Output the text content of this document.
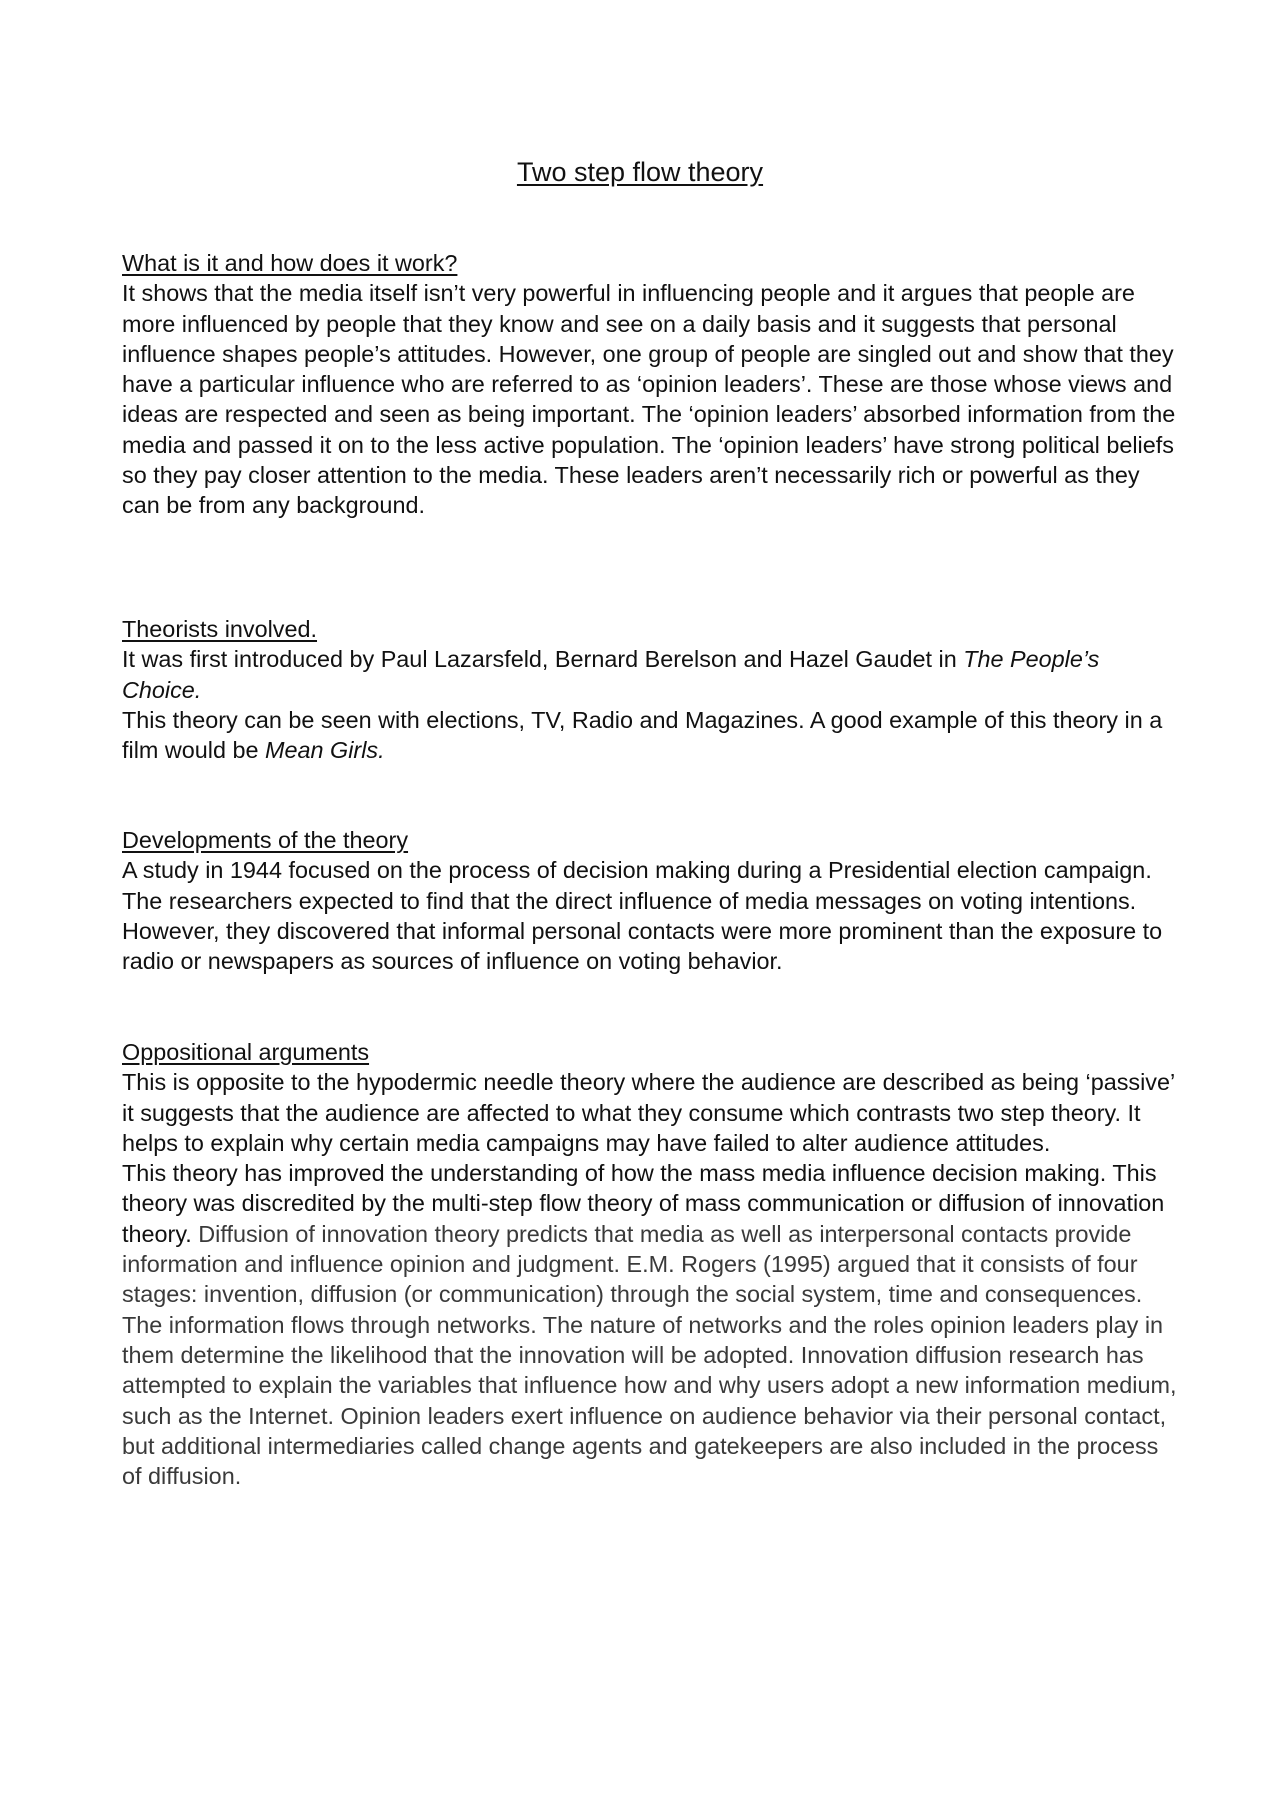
Two step flow theory
What is it and how does it work?

It shows that the media itself isn’t very powerful in influencing people and it argues that people are more influenced by people that they know and see on a daily basis and it suggests that personal influence shapes people’s attitudes. However, one group of people are singled out and show that they have a particular influence who are referred to as ‘opinion leaders’. These are those whose views and ideas are respected and seen as being important. The ‘opinion leaders’ absorbed information from the media and passed it on to the less active population. The ‘opinion leaders’ have strong political beliefs so they pay closer attention to the media. These leaders aren’t necessarily rich or powerful as they can be from any background.

Theorists involved.

It was first introduced by Paul Lazarsfeld, Bernard Berelson and Hazel Gaudet in The People’s Choice.

This theory can be seen with elections, TV, Radio and Magazines. A good example of this theory in a film would be Mean Girls.

Developments of the theory

A study in 1944 focused on the process of decision making during a Presidential election campaign. The researchers expected to find that the direct influence of media messages on voting intentions. However, they discovered that informal personal contacts were more prominent than the exposure to radio or newspapers as sources of influence on voting behavior.

Oppositional arguments

This is opposite to the hypodermic needle theory where the audience are described as being ‘passive’ it suggests that the audience are affected to what they consume which contrasts two step theory. It helps to explain why certain media campaigns may have failed to alter audience attitudes.

This theory has improved the understanding of how the mass media influence decision making. This theory was discredited by the multi-step flow theory of mass communication or diffusion of innovation theory. Diffusion of innovation theory predicts that media as well as interpersonal contacts provide information and influence opinion and judgment. E.M. Rogers (1995) argued that it consists of four stages: invention, diffusion (or communication) through the social system, time and consequences. The information flows through networks. The nature of networks and the roles opinion leaders play in them determine the likelihood that the innovation will be adopted. Innovation diffusion research has attempted to explain the variables that influence how and why users adopt a new information medium, such as the Internet. Opinion leaders exert influence on audience behavior via their personal contact, but additional intermediaries called change agents and gatekeepers are also included in the process of diffusion.
